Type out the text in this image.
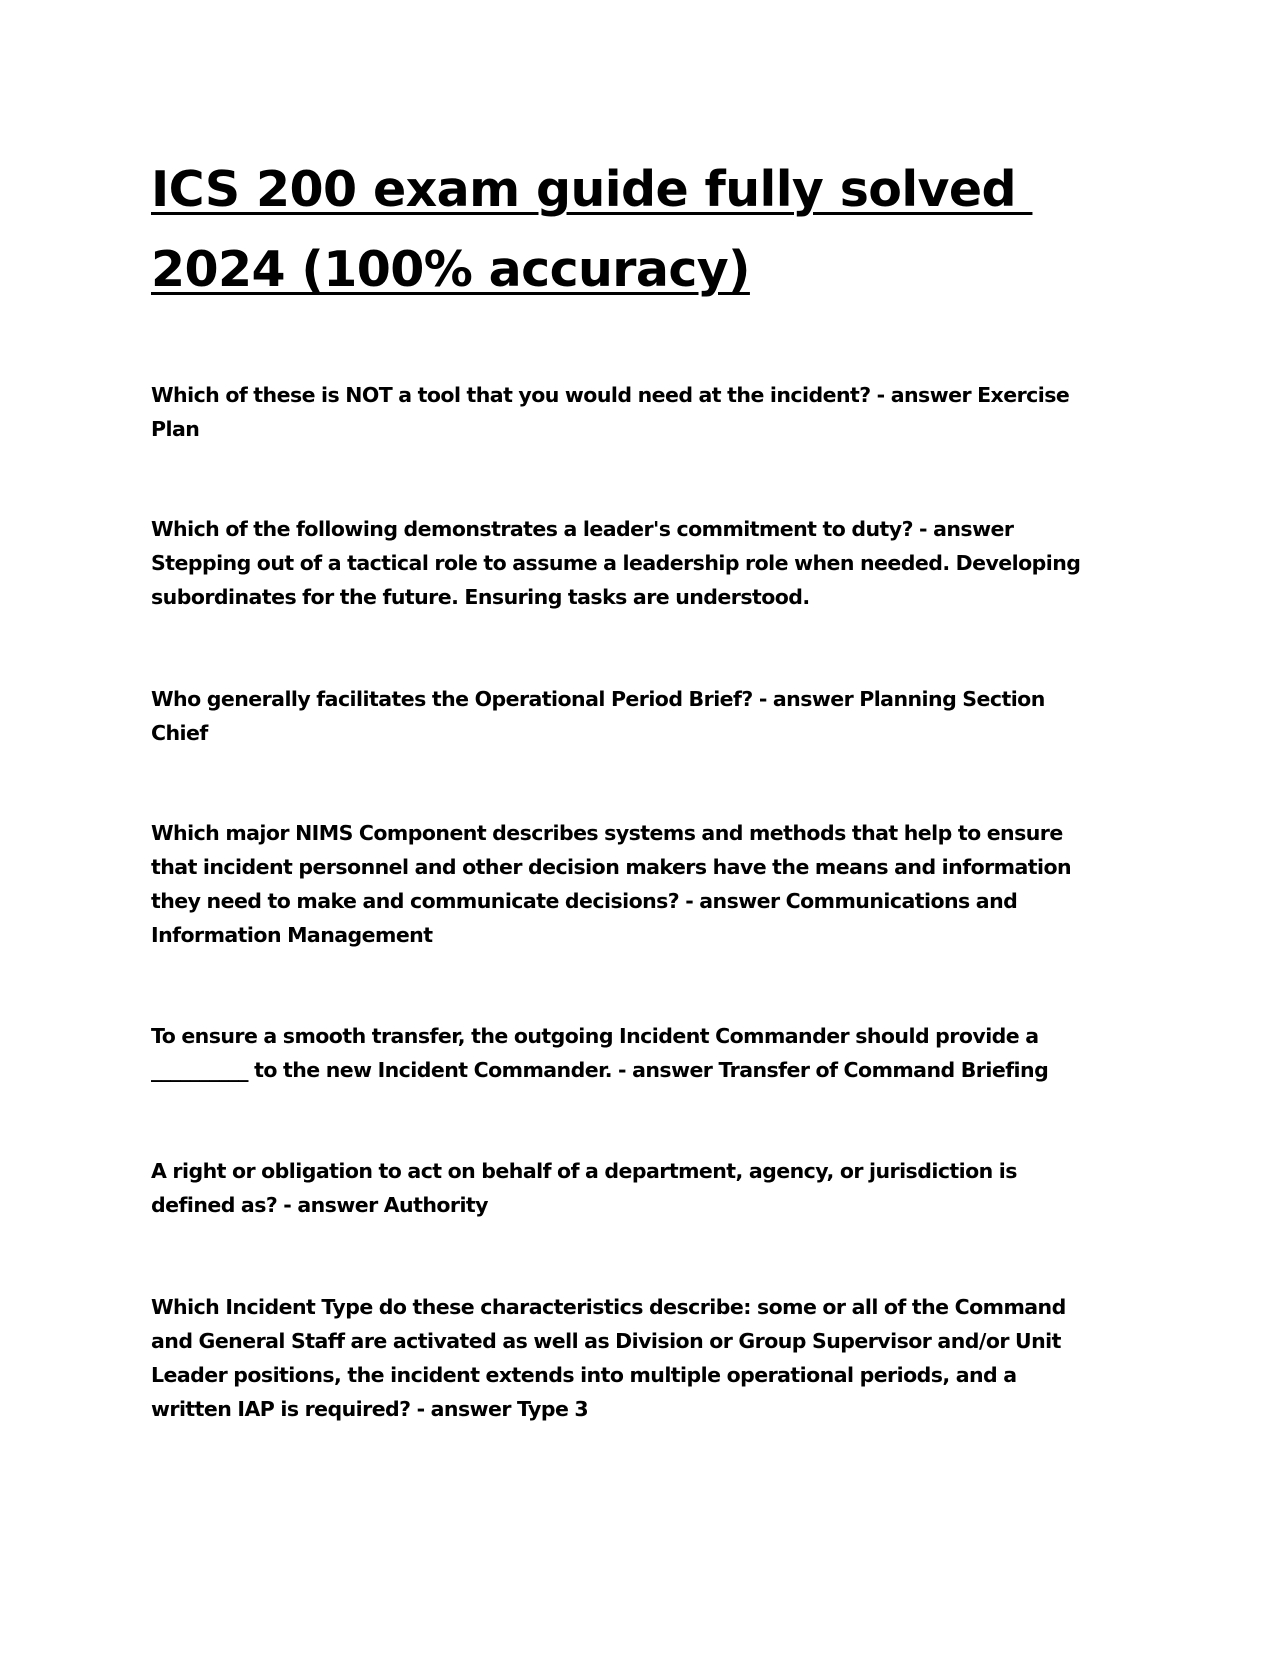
ICS 200 exam guide fully solved
2024 (100% accuracy)

Which of these is NOT a tool that you would need at the incident? - answer Exercise
Plan

Which of the following demonstrates a leader's commitment to duty? - answer
Stepping out of a tactical role to assume a leadership role when needed. Developing
subordinates for the future. Ensuring tasks are understood.

Who generally facilitates the Operational Period Brief? - answer Planning Section
Chief

Which major NIMS Component describes systems and methods that help to ensure
that incident personnel and other decision makers have the means and information
they need to make and communicate decisions? - answer Communications and
Information Management

To ensure a smooth transfer, the outgoing Incident Commander should provide a
__________ to the new Incident Commander. - answer Transfer of Command Briefing

A right or obligation to act on behalf of a department, agency, or jurisdiction is
defined as? - answer Authority

Which Incident Type do these characteristics describe: some or all of the Command
and General Staff are activated as well as Division or Group Supervisor and/or Unit
Leader positions, the incident extends into multiple operational periods, and a
written IAP is required? - answer Type 3
